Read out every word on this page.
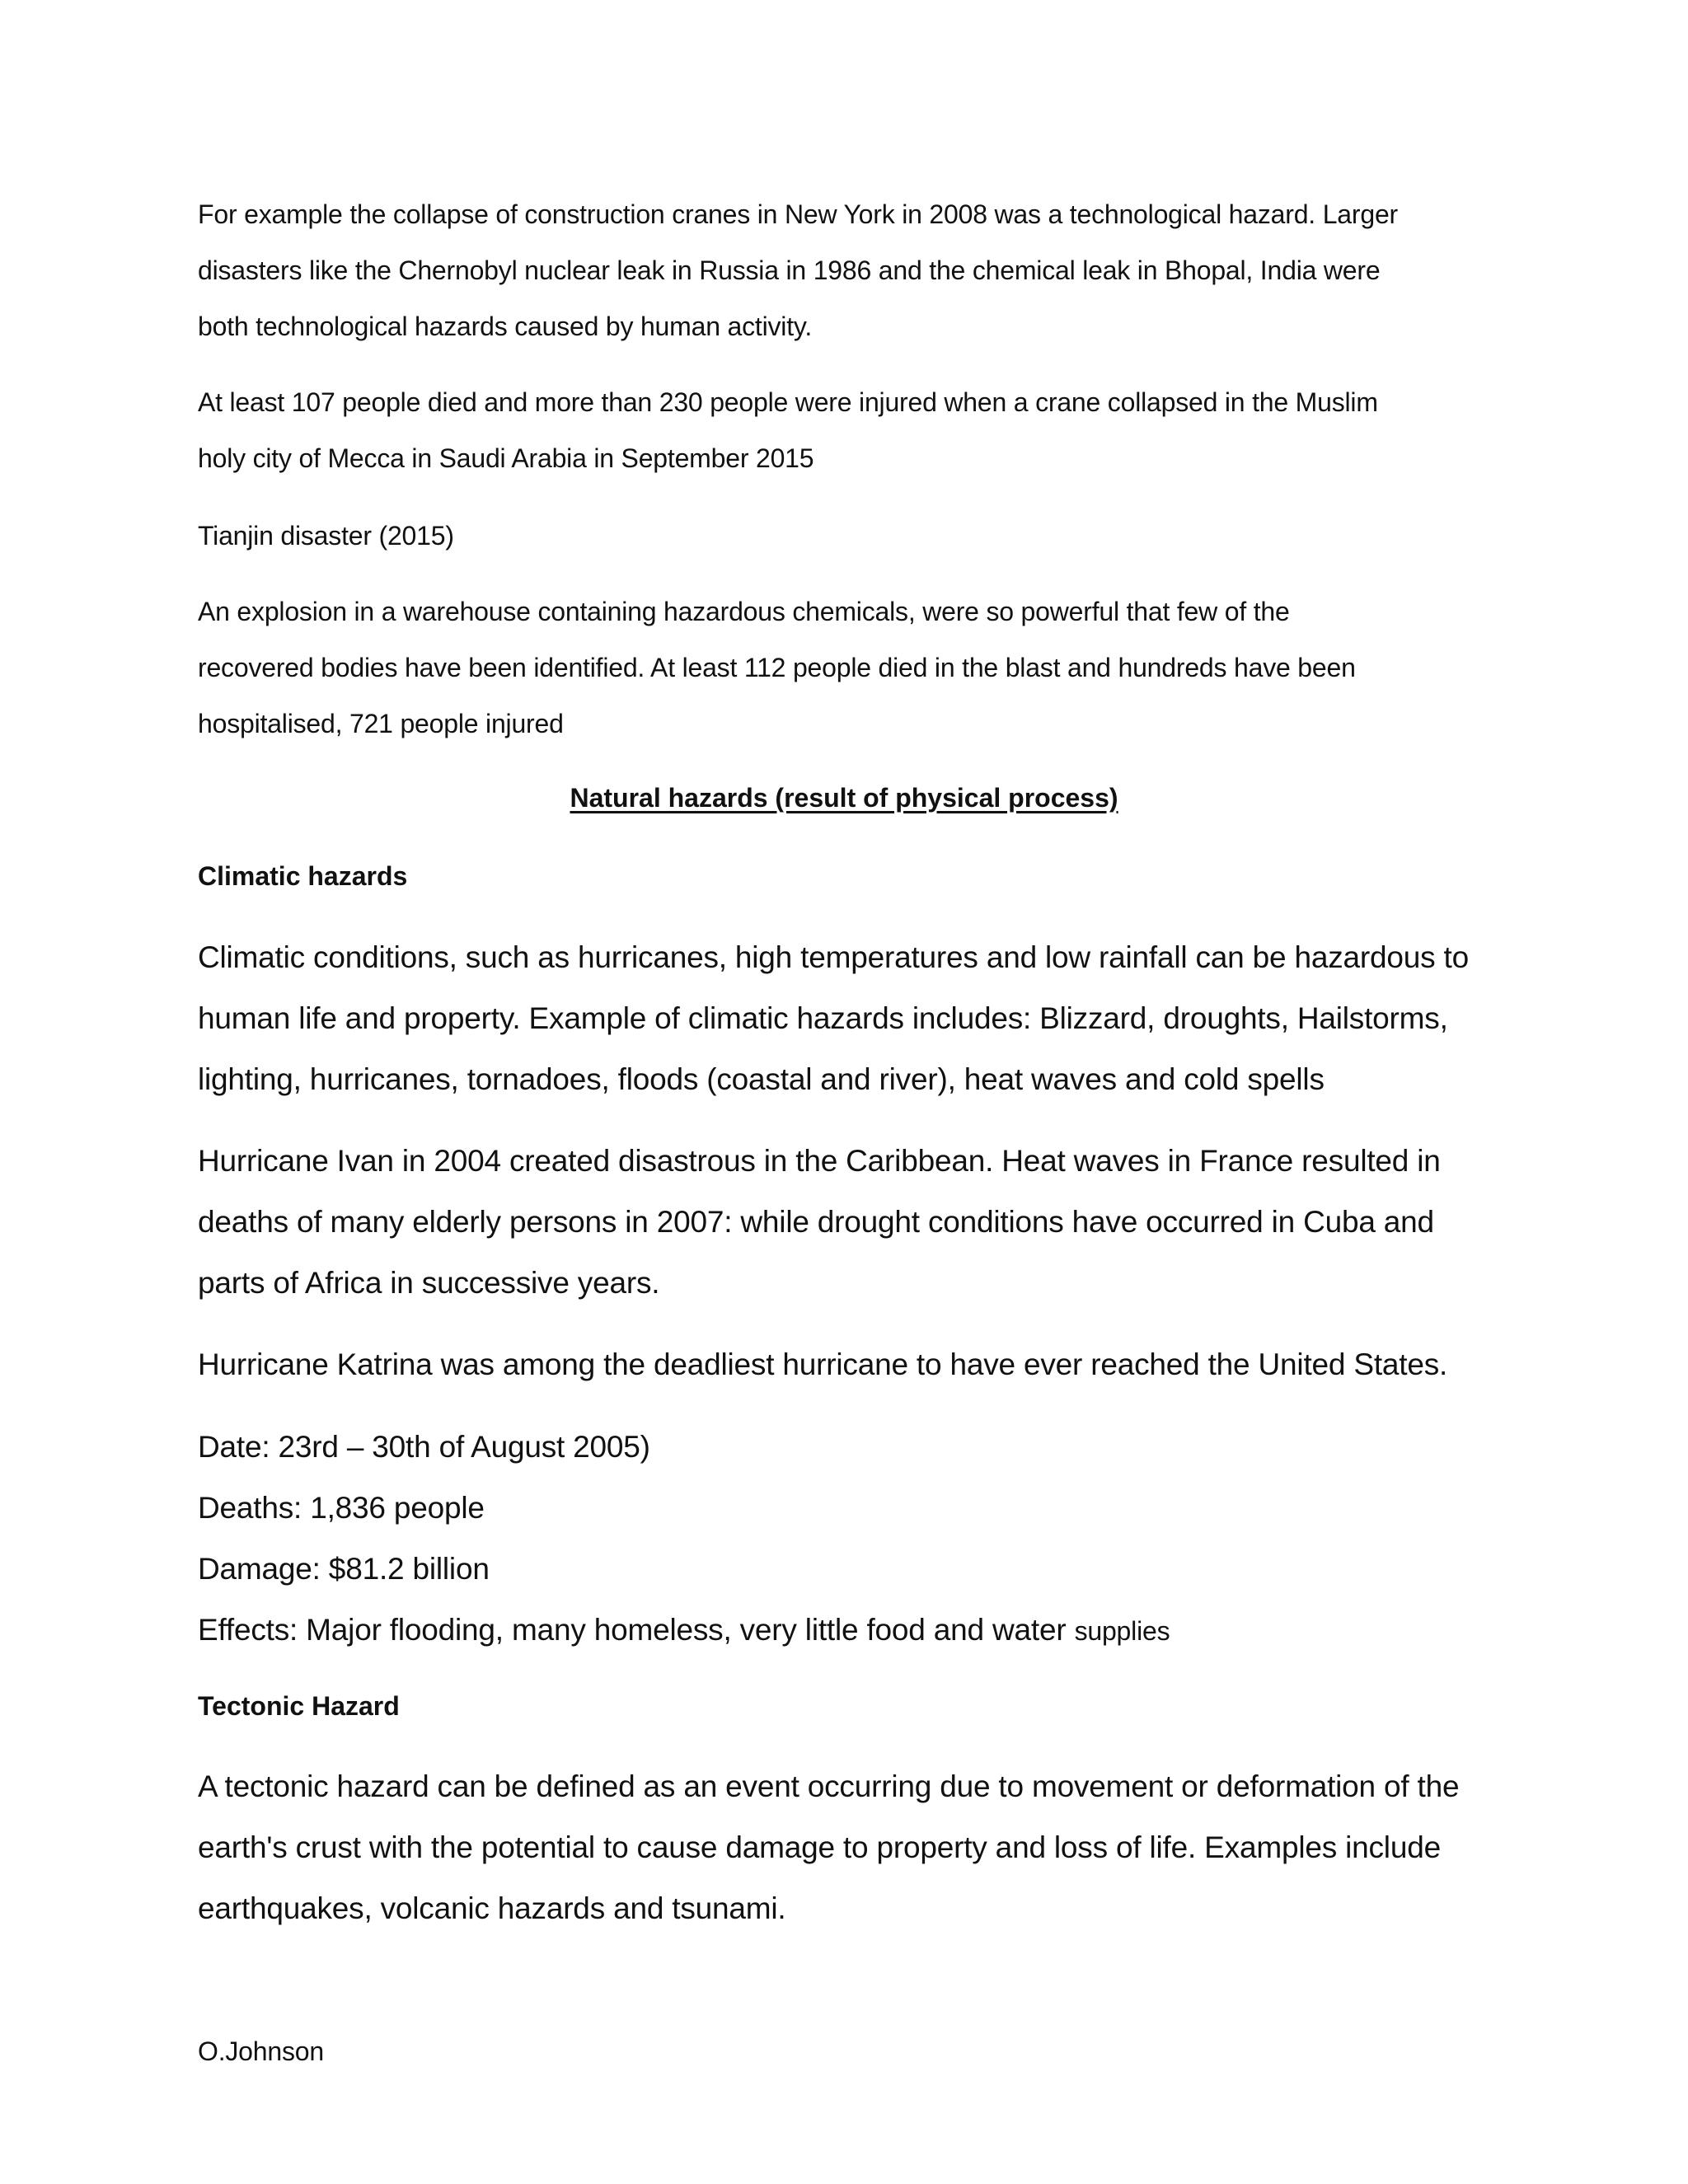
For example the collapse of construction cranes in New York in 2008 was a technological hazard. Larger
disasters like the Chernobyl nuclear leak in Russia in 1986 and the chemical leak in Bhopal, India were
both technological hazards caused by human activity.

At least 107 people died and more than 230 people were injured when a crane collapsed in the Muslim
holy city of Mecca in Saudi Arabia in September 2015

Tianjin disaster (2015)

An explosion in a warehouse containing hazardous chemicals, were so powerful that few of the
recovered bodies have been identified. At least 112 people died in the blast and hundreds have been
hospitalised, 721 people injured

Natural hazards (result of physical process)

Climatic hazards

Climatic conditions, such as hurricanes, high temperatures and low rainfall can be hazardous to
human life and property. Example of climatic hazards includes: Blizzard, droughts, Hailstorms,
lighting, hurricanes, tornadoes, floods (coastal and river), heat waves and cold spells

Hurricane Ivan in 2004 created disastrous in the Caribbean. Heat waves in France resulted in
deaths of many elderly persons in 2007: while drought conditions have occurred in Cuba and
parts of Africa in successive years.

Hurricane Katrina was among the deadliest hurricane to have ever reached the United States.

Date: 23rd – 30th of August 2005)
Deaths: 1,836 people
Damage: $81.2 billion
Effects: Major flooding, many homeless, very little food and water supplies

Tectonic Hazard

A tectonic hazard can be defined as an event occurring due to movement or deformation of the
earth's crust with the potential to cause damage to property and loss of life. Examples include
earthquakes, volcanic hazards and tsunami.

O.Johnson
